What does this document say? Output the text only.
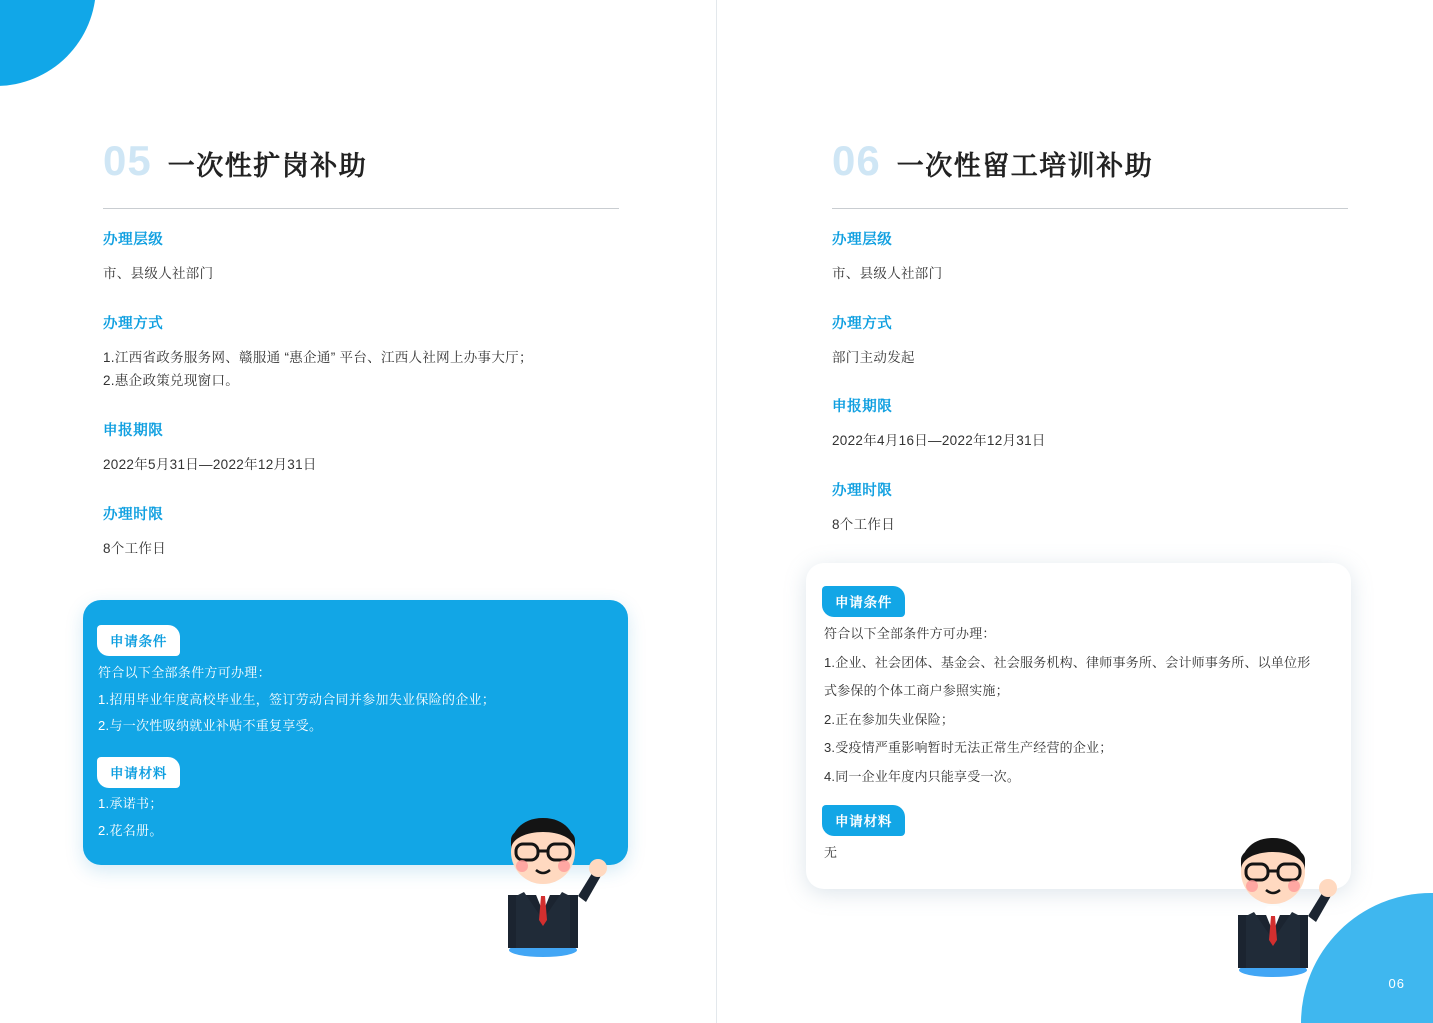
06
05 一次性扩岗补助
办理层级
市、县级人社部门
办理方式
1.江西省政务服务网、赣服通 “惠企通” 平台、江西人社网上办事大厅；
2.惠企政策兑现窗口。
申报期限
2022年5月31日—2022年12月31日
办理时限
8个工作日
申请条件
符合以下全部条件方可办理：
1.招用毕业年度高校毕业生，签订劳动合同并参加失业保险的企业；
2.与一次性吸纳就业补贴不重复享受。
申请材料
1.承诺书；
2.花名册。
06 一次性留工培训补助
办理层级
市、县级人社部门
办理方式
部门主动发起
申报期限
2022年4月16日—2022年12月31日
办理时限
8个工作日
申请条件
符合以下全部条件方可办理：
1.企业、社会团体、基金会、社会服务机构、律师事务所、会计师事务所、以单位形
式参保的个体工商户参照实施；
2.正在参加失业保险；
3.受疫情严重影响暂时无法正常生产经营的企业；
4.同一企业年度内只能享受一次。
申请材料
无
